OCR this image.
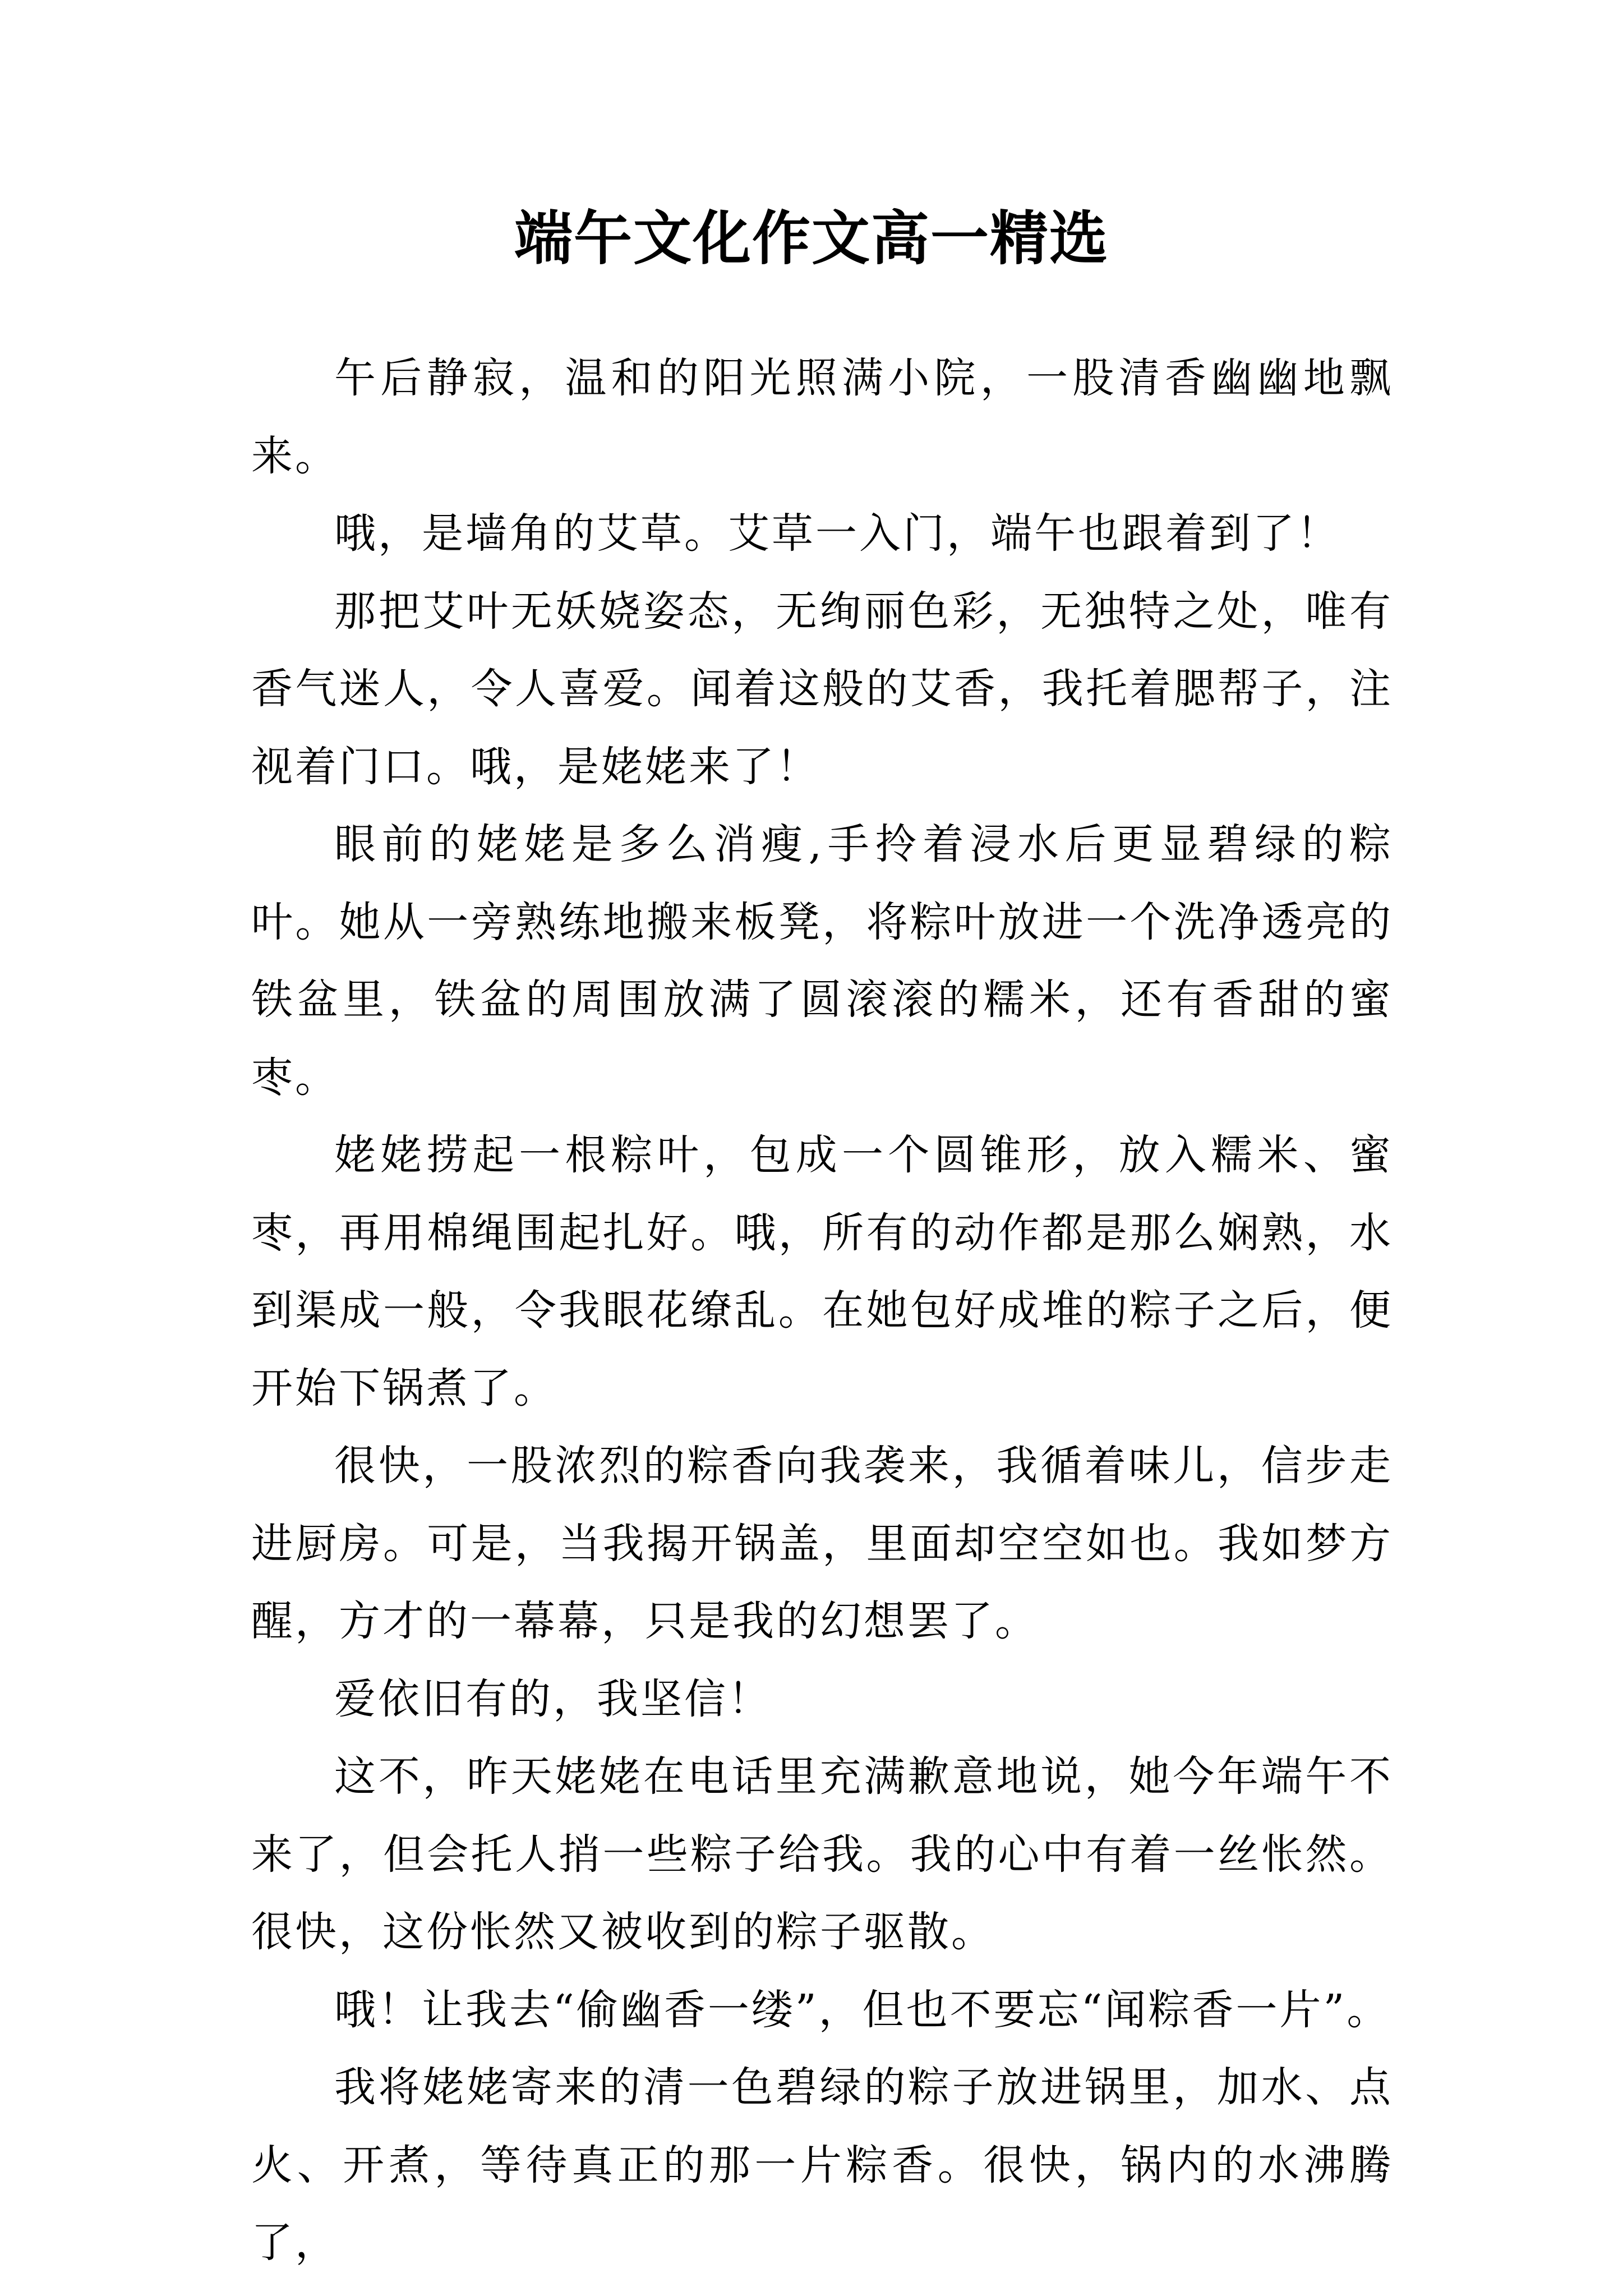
端午文化作文高一精选

午后静寂，温和的阳光照满小院，一股清香幽幽地飘来。

哦，是墙角的艾草。艾草一入门，端午也跟着到了！

那把艾叶无妖娆姿态，无绚丽色彩，无独特之处，唯有香气迷人，令人喜爱。闻着这般的艾香，我托着腮帮子，注视着门口。哦，是姥姥来了！

眼前的姥姥是多么消瘦,手拎着浸水后更显碧绿的粽叶。她从一旁熟练地搬来板凳，将粽叶放进一个洗净透亮的铁盆里，铁盆的周围放满了圆滚滚的糯米，还有香甜的蜜枣。

姥姥捞起一根粽叶，包成一个圆锥形，放入糯米、蜜枣，再用棉绳围起扎好。哦，所有的动作都是那么娴熟，水到渠成一般，令我眼花缭乱。在她包好成堆的粽子之后，便开始下锅煮了。

很快，一股浓烈的粽香向我袭来，我循着味儿，信步走进厨房。可是，当我揭开锅盖，里面却空空如也。我如梦方醒，方才的一幕幕，只是我的幻想罢了。

爱依旧有的，我坚信！

这不，昨天姥姥在电话里充满歉意地说，她今年端午不来了，但会托人捎一些粽子给我。我的心中有着一丝怅然。很快，这份怅然又被收到的粽子驱散。

哦！让我去“偷幽香一缕”，但也不要忘“闻粽香一片”。

我将姥姥寄来的清一色碧绿的粽子放进锅里，加水、点火、开煮，等待真正的那一片粽香。很快，锅内的水沸腾了，
